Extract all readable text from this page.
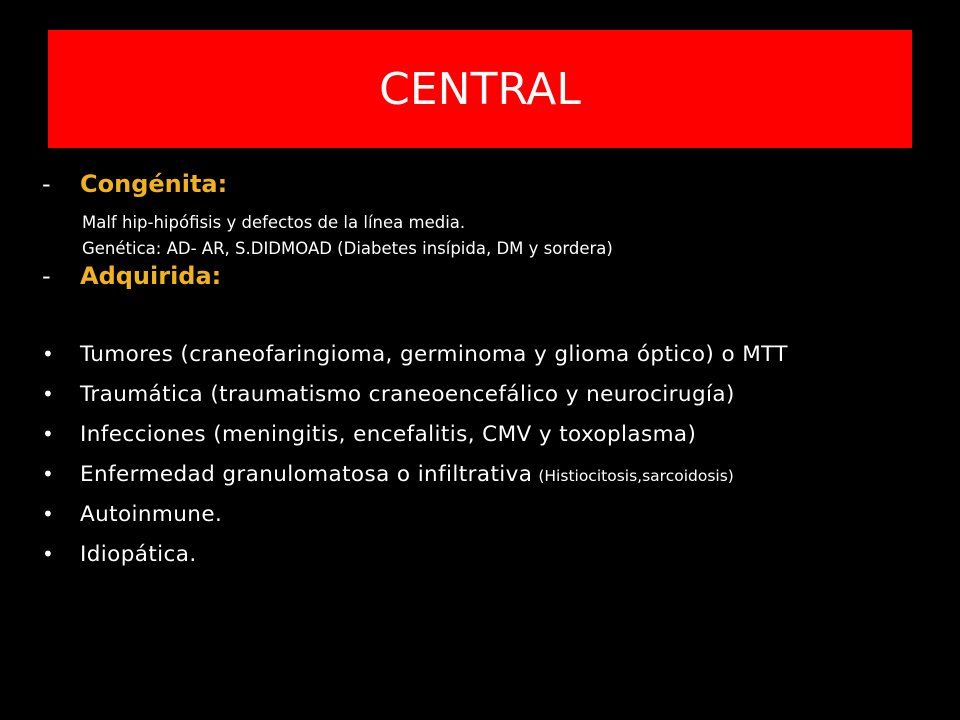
CENTRAL
-	Congénita:
Malf hip-hipófisis y defectos de la línea media.
Genética: AD- AR, S.DIDMOAD (Diabetes insípida, DM y sordera)
-	Adquirida:
•	Tumores (craneofaringioma, germinoma y glioma óptico) o MTT
•	Traumática (traumatismo craneoencefálico y neurocirugía)
•	Infecciones (meningitis, encefalitis, CMV y toxoplasma)
•	Enfermedad granulomatosa o infiltrativa (Histiocitosis,sarcoidosis)
•	Autoinmune.
•	Idiopática.
